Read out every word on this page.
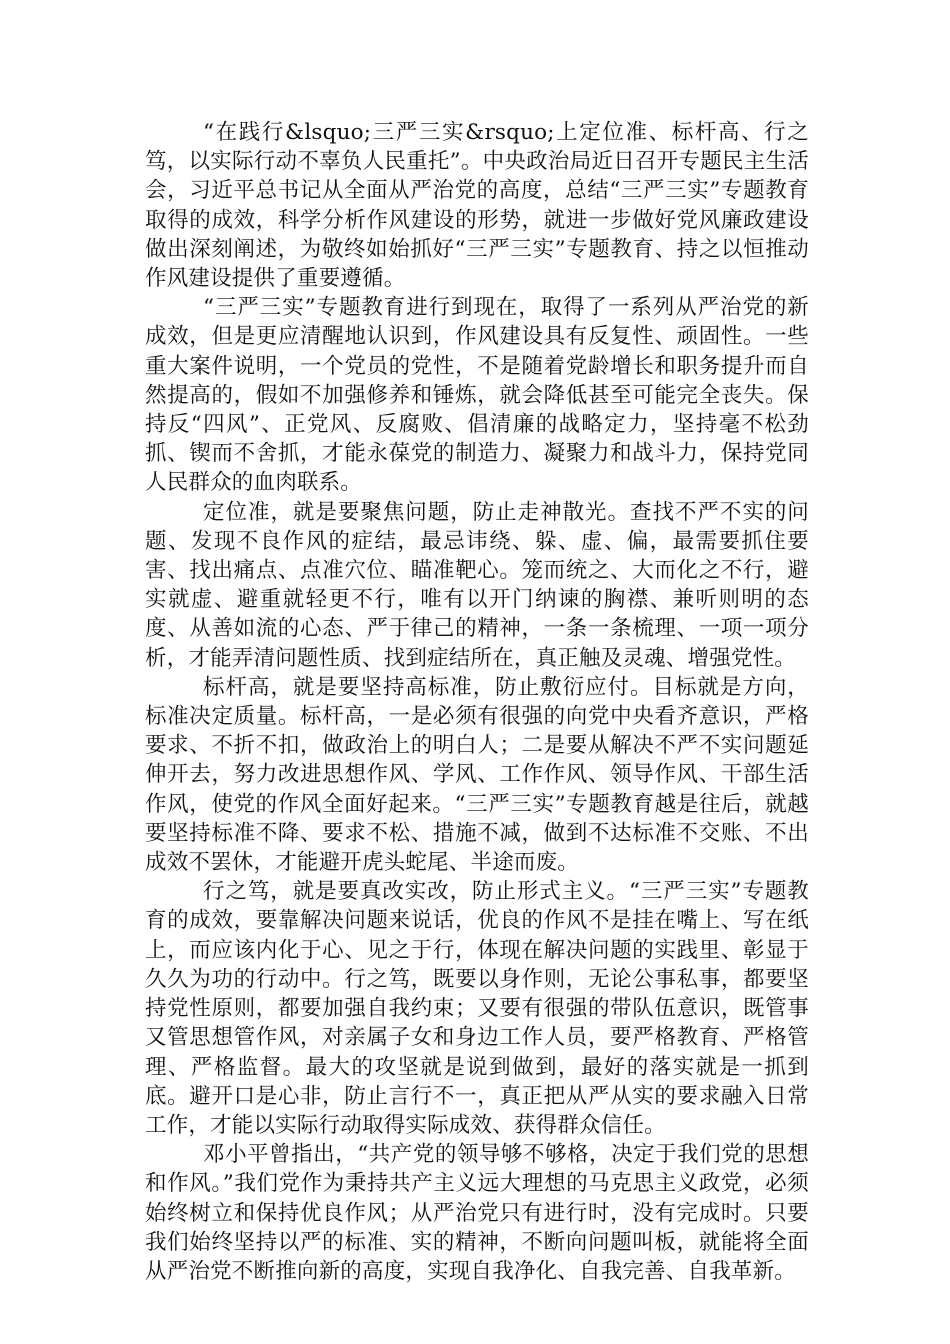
“在践行&lsquo;三严三实&rsquo;上定位准、标杆高、行之笃，以实际行动不辜负人民重托”。中央政治局近日召开专题民主生活会，习近平总书记从全面从严治党的高度，总结“三严三实”专题教育取得的成效，科学分析作风建设的形势，就进一步做好党风廉政建设做出深刻阐述，为敬终如始抓好“三严三实”专题教育、持之以恒推动作风建设提供了重要遵循。

“三严三实”专题教育进行到现在，取得了一系列从严治党的新成效，但是更应清醒地认识到，作风建设具有反复性、顽固性。一些重大案件说明，一个党员的党性，不是随着党龄增长和职务提升而自然提高的，假如不加强修养和锤炼，就会降低甚至可能完全丧失。保持反“四风”、正党风、反腐败、倡清廉的战略定力，坚持毫不松劲抓、锲而不舍抓，才能永葆党的制造力、凝聚力和战斗力，保持党同人民群众的血肉联系。

定位准，就是要聚焦问题，防止走神散光。查找不严不实的问题、发现不良作风的症结，最忌讳绕、躲、虚、偏，最需要抓住要害、找出痛点、点准穴位、瞄准靶心。笼而统之、大而化之不行，避实就虚、避重就轻更不行，唯有以开门纳谏的胸襟、兼听则明的态度、从善如流的心态、严于律己的精神，一条一条梳理、一项一项分析，才能弄清问题性质、找到症结所在，真正触及灵魂、增强党性。

标杆高，就是要坚持高标准，防止敷衍应付。目标就是方向，标准决定质量。标杆高，一是必须有很强的向党中央看齐意识，严格要求、不折不扣，做政治上的明白人；二是要从解决不严不实问题延伸开去，努力改进思想作风、学风、工作作风、领导作风、干部生活作风，使党的作风全面好起来。“三严三实”专题教育越是往后，就越要坚持标准不降、要求不松、措施不减，做到不达标准不交账、不出成效不罢休，才能避开虎头蛇尾、半途而废。

行之笃，就是要真改实改，防止形式主义。“三严三实”专题教育的成效，要靠解决问题来说话，优良的作风不是挂在嘴上、写在纸上，而应该内化于心、见之于行，体现在解决问题的实践里、彰显于久久为功的行动中。行之笃，既要以身作则，无论公事私事，都要坚持党性原则，都要加强自我约束；又要有很强的带队伍意识，既管事又管思想管作风，对亲属子女和身边工作人员，要严格教育、严格管理、严格监督。最大的攻坚就是说到做到，最好的落实就是一抓到底。避开口是心非，防止言行不一，真正把从严从实的要求融入日常工作，才能以实际行动取得实际成效、获得群众信任。

邓小平曾指出，“共产党的领导够不够格，决定于我们党的思想和作风。”我们党作为秉持共产主义远大理想的马克思主义政党，必须始终树立和保持优良作风；从严治党只有进行时，没有完成时。只要我们始终坚持以严的标准、实的精神，不断向问题叫板，就能将全面从严治党不断推向新的高度，实现自我净化、自我完善、自我革新。
